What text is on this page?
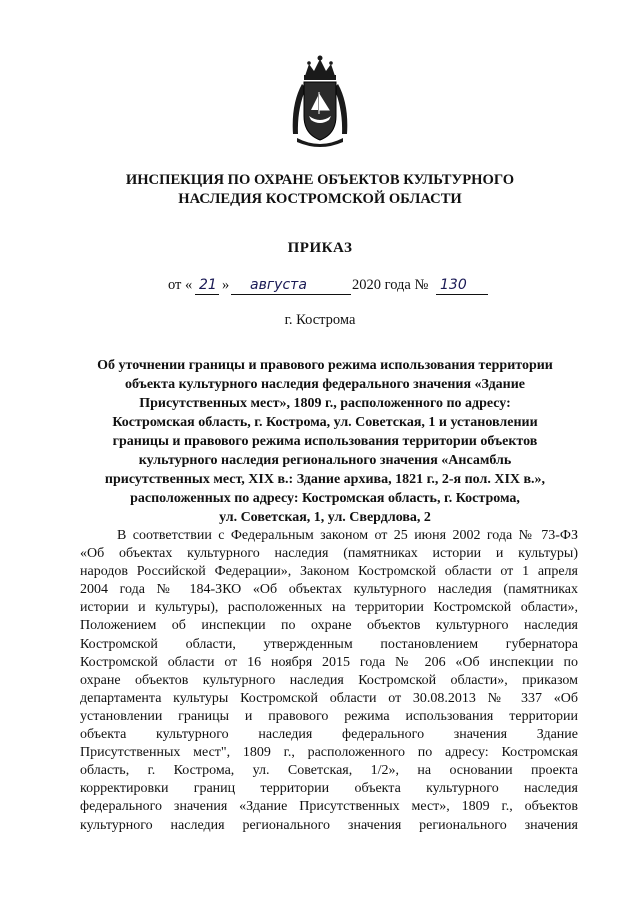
ИНСПЕКЦИЯ ПО ОХРАНЕ ОБЪЕКТОВ КУЛЬТУРНОГО
НАСЛЕДИЯ КОСТРОМСКОЙ ОБЛАСТИ
ПРИКАЗ
от « 21 » августа	2020 года № 130
г. Кострома
Об уточнении границы и правового режима использования территории
объекта культурного наследия федерального значения «Здание
Присутственных мест», 1809 г., расположенного по адресу:
Костромская область, г. Кострома, ул. Советская, 1 и установлении
границы и правового режима использования территории объектов
культурного наследия регионального значения «Ансамбль
присутственных мест, XIX в.: Здание архива, 1821 г., 2-я пол. XIX в.»,
расположенных по адресу: Костромская область, г. Кострома,
ул. Советская, 1, ул. Свердлова, 2
В соответствии с Федеральным законом от 25 июня 2002 года № 73-ФЗ
«Об объектах культурного наследия (памятниках истории и культуры)
народов Российской Федерации», Законом Костромской области от 1 апреля
2004 года № 184-ЗКО «Об объектах культурного наследия (памятниках
истории и культуры), расположенных на территории Костромской области»,
Положением об инспекции по охране объектов культурного наследия
Костромской области, утвержденным постановлением губернатора
Костромской области от 16 ноября 2015 года № 206 «Об инспекции по
охране объектов культурного наследия Костромской области», приказом
департамента культуры Костромской области от 30.08.2013 № 337 «Об
установлении границы и правового режима использования территории
объекта культурного наследия федерального значения Здание
Присутственных мест", 1809 г., расположенного по адресу: Костромская
область, г. Кострома, ул. Советская, 1/2», на основании проекта
корректировки границ территории объекта культурного наследия
федерального значения «Здание Присутственных мест», 1809 г., объектов
культурного наследия регионального значения регионального значения
